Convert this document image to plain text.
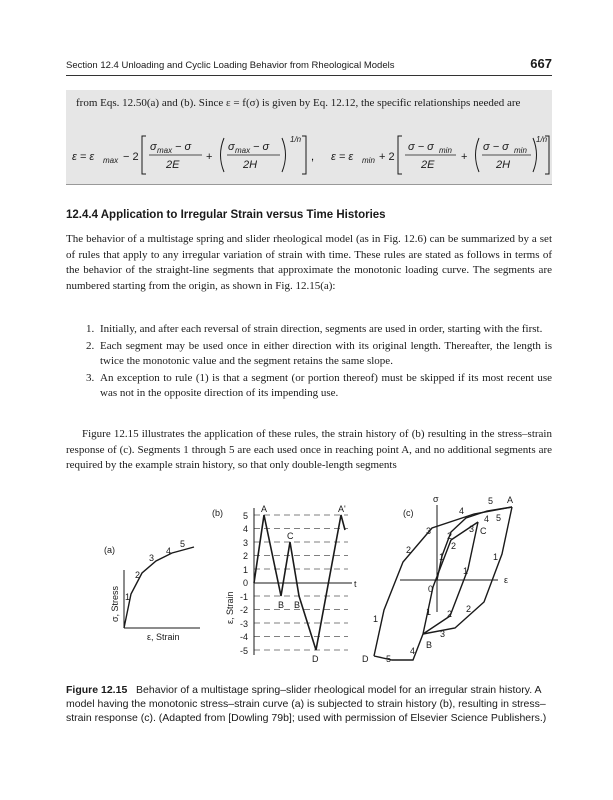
Section 12.4 Unloading and Cyclic Loading Behavior from Rheological Models	667
from Eqs. 12.50(a) and (b). Since ε = f(σ) is given by Eq. 12.12, the specific relationships needed are
ε = ε max − 2
σ max − σ
2E
+
σ max − σ
2H
1/n
, ε = ε min + 2
σ − σ min
2E
+
σ − σ min
2H
1/n
12.4.4 Application to Irregular Strain versus Time Histories
The behavior of a multistage spring and slider rheological model (as in Fig. 12.6) can be summarized by a set of rules that apply to any irregular variation of strain with time. These rules are stated as follows in terms of the behavior of the straight-line segments that approximate the monotonic loading curve. The segments are numbered starting from the origin, as shown in Fig. 12.15(a):
1. Initially, and after each reversal of strain direction, segments are used in order, starting with the first.
2. Each segment may be used once in either direction with its original length. Thereafter, the length is twice the monotonic value and the segment retains the same slope.
3. An exception to rule (1) is that a segment (or portion thereof) must be skipped if its most recent use was not in the opposite direction of its impending use.
Figure 12.15 illustrates the application of these rules, the strain history of (b) resulting in the stress–strain response of (c). Segments 1 through 5 are each used once in reaching point A, and no additional segments are required by the example strain history, so that only double-length segments
(a)
1
2
3
4
5
σ, Stress
ε, Strain
(b) 5
4
3
2
1
0
-1
-2
-3
-4
-5
A
C
B B'
D
A'
t
ε, Strain
(c)
σ
ε
0
A
C
B
D
5
4
3
2
1
1
2
3
4
5
1 2
1
1
2
2
3
4 5
Figure 12.15 Behavior of a multistage spring–slider rheological model for an irregular strain history. A model having the monotonic stress–strain curve (a) is subjected to strain history (b), resulting in stress–strain response (c). (Adapted from [Dowling 79b]; used with permission of Elsevier Science Publishers.)
